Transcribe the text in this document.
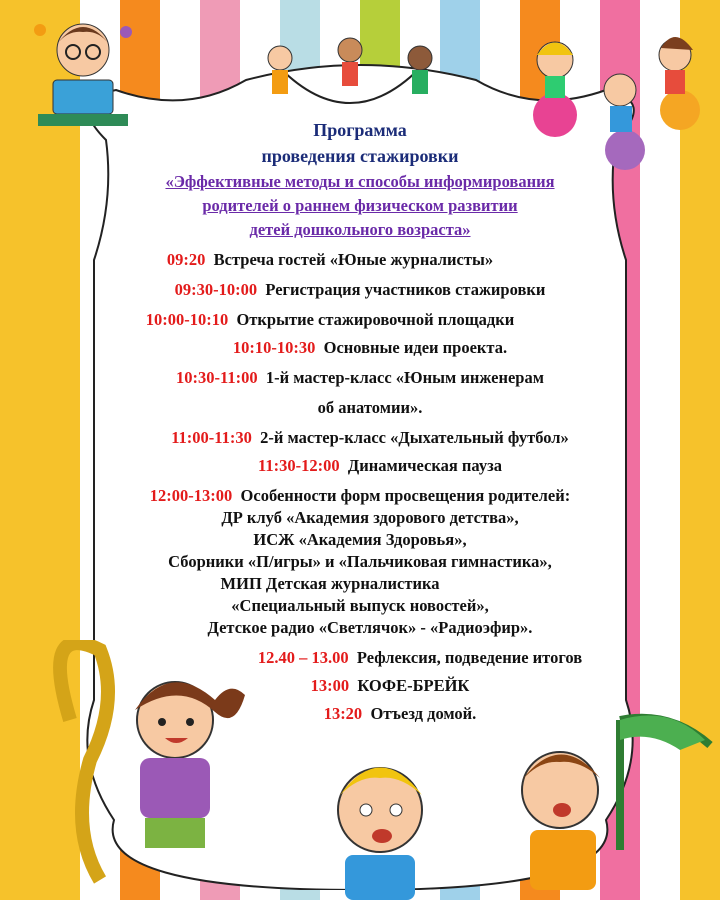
Программа
проведения стажировки
«Эффективные методы и способы информирования
родителей о раннем физическом развитии
детей дошкольного возраста»
09:20 Встреча гостей «Юные журналисты»
09:30-10:00 Регистрация участников стажировки
10:00-10:10 Открытие стажировочной площадки
10:10-10:30 Основные идеи проекта.
10:30-11:00 1-й мастер-класс «Юным инженерам
об анатомии».
11:00-11:30 2-й мастер-класс «Дыхательный футбол»
11:30-12:00 Динамическая пауза
12:00-13:00 Особенности форм просвещения родителей:
ДР клуб «Академия здорового детства»,
ИСЖ «Академия Здоровья»,
Сборники «П/игры» и «Пальчиковая гимнастика»,
МИП Детская журналистика
«Специальный выпуск новостей»,
Детское радио «Светлячок» - «Радиоэфир».
12.40 – 13.00 Рефлексия, подведение итогов
13:00 КОФЕ-БРЕЙК
13:20 Отъезд домой.
